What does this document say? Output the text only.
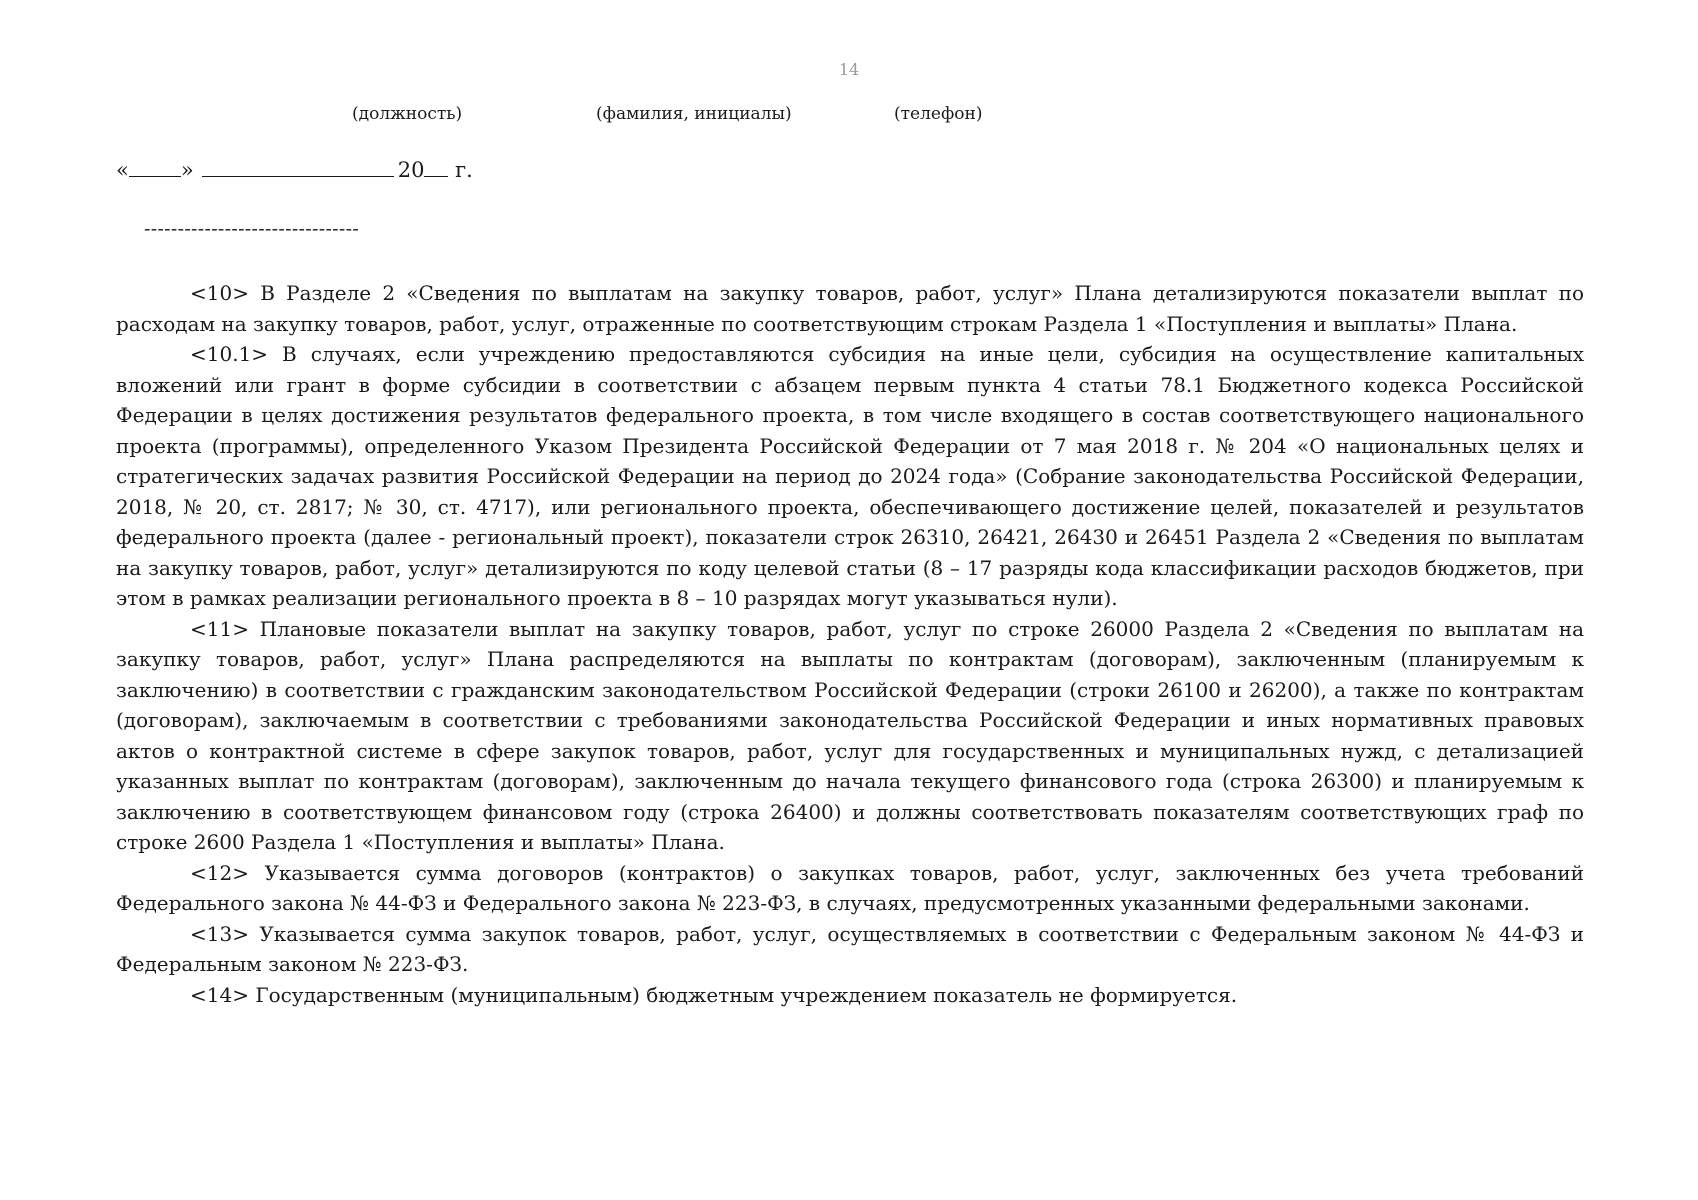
14
(должность)	(фамилия, инициалы)	(телефон)
« »	20 г.
--------------------------------

<10> В Разделе 2 «Сведения по выплатам на закупку товаров, работ, услуг» Плана детализируются показатели выплат по расходам на закупку товаров, работ, услуг, отраженные по соответствующим строкам Раздела 1 «Поступления и выплаты» Плана.

<10.1> В случаях, если учреждению предоставляются субсидия на иные цели, субсидия на осуществление капитальных вложений или грант в форме субсидии в соответствии с абзацем первым пункта 4 статьи 78.1 Бюджетного кодекса Российской Федерации в целях достижения результатов федерального проекта, в том числе входящего в состав соответствующего национального проекта (программы), определенного Указом Президента Российской Федерации от 7 мая 2018 г. № 204 «О национальных целях и стратегических задачах развития Российской Федерации на период до 2024 года» (Собрание законодательства Российской Федерации, 2018, № 20, ст. 2817; № 30, ст. 4717), или регионального проекта, обеспечивающего достижение целей, показателей и результатов федерального проекта (далее - региональный проект), показатели строк 26310, 26421, 26430 и 26451 Раздела 2 «Сведения по выплатам на закупку товаров, работ, услуг» детализируются по коду целевой статьи (8 – 17 разряды кода классификации расходов бюджетов, при этом в рамках реализации регионального проекта в 8 – 10 разрядах могут указываться нули).

<11> Плановые показатели выплат на закупку товаров, работ, услуг по строке 26000 Раздела 2 «Сведения по выплатам на закупку товаров, работ, услуг» Плана распределяются на выплаты по контрактам (договорам), заключенным (планируемым к заключению) в соответствии с гражданским законодательством Российской Федерации (строки 26100 и 26200), а также по контрактам (договорам), заключаемым в соответствии с требованиями законодательства Российской Федерации и иных нормативных правовых актов о контрактной системе в сфере закупок товаров, работ, услуг для государственных и муниципальных нужд, с детализацией указанных выплат по контрактам (договорам), заключенным до начала текущего финансового года (строка 26300) и планируемым к заключению в соответствующем финансовом году (строка 26400) и должны соответствовать показателям соответствующих граф по строке 2600 Раздела 1 «Поступления и выплаты» Плана.

<12> Указывается сумма договоров (контрактов) о закупках товаров, работ, услуг, заключенных без учета требований Федерального закона № 44-ФЗ и Федерального закона № 223-ФЗ, в случаях, предусмотренных указанными федеральными законами.

<13> Указывается сумма закупок товаров, работ, услуг, осуществляемых в соответствии с Федеральным законом № 44-ФЗ и Федеральным законом № 223-ФЗ.

<14> Государственным (муниципальным) бюджетным учреждением показатель не формируется.
